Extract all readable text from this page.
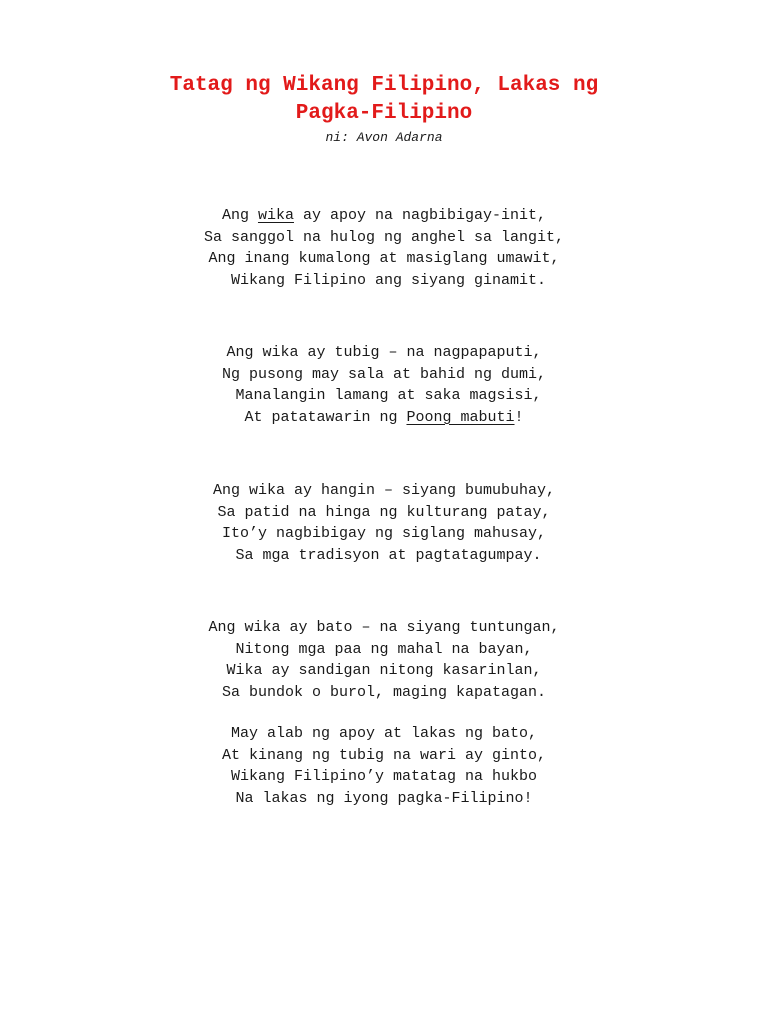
Tatag ng Wikang Filipino, Lakas ng
Pagka-Filipino
ni: Avon Adarna
Ang wika ay apoy na nagbibigay-init,
Sa sanggol na hulog ng anghel sa langit,
Ang inang kumalong at masiglang umawit,
Wikang Filipino ang siyang ginamit.
Ang wika ay tubig – na nagpapaputi,
Ng pusong may sala at bahid ng dumi,
Manalangin lamang at saka magsisi,
At patatawarin ng Poong mabuti!
Ang wika ay hangin – siyang bumubuhay,
Sa patid na hinga ng kulturang patay,
Ito’y nagbibigay ng siglang mahusay,
Sa mga tradisyon at pagtatagumpay.
Ang wika ay bato – na siyang tuntungan,
Nitong mga paa ng mahal na bayan,
Wika ay sandigan nitong kasarinlan,
Sa bundok o burol, maging kapatagan.
May alab ng apoy at lakas ng bato,
At kinang ng tubig na wari ay ginto,
Wikang Filipino’y matatag na hukbo
Na lakas ng iyong pagka-Filipino!
